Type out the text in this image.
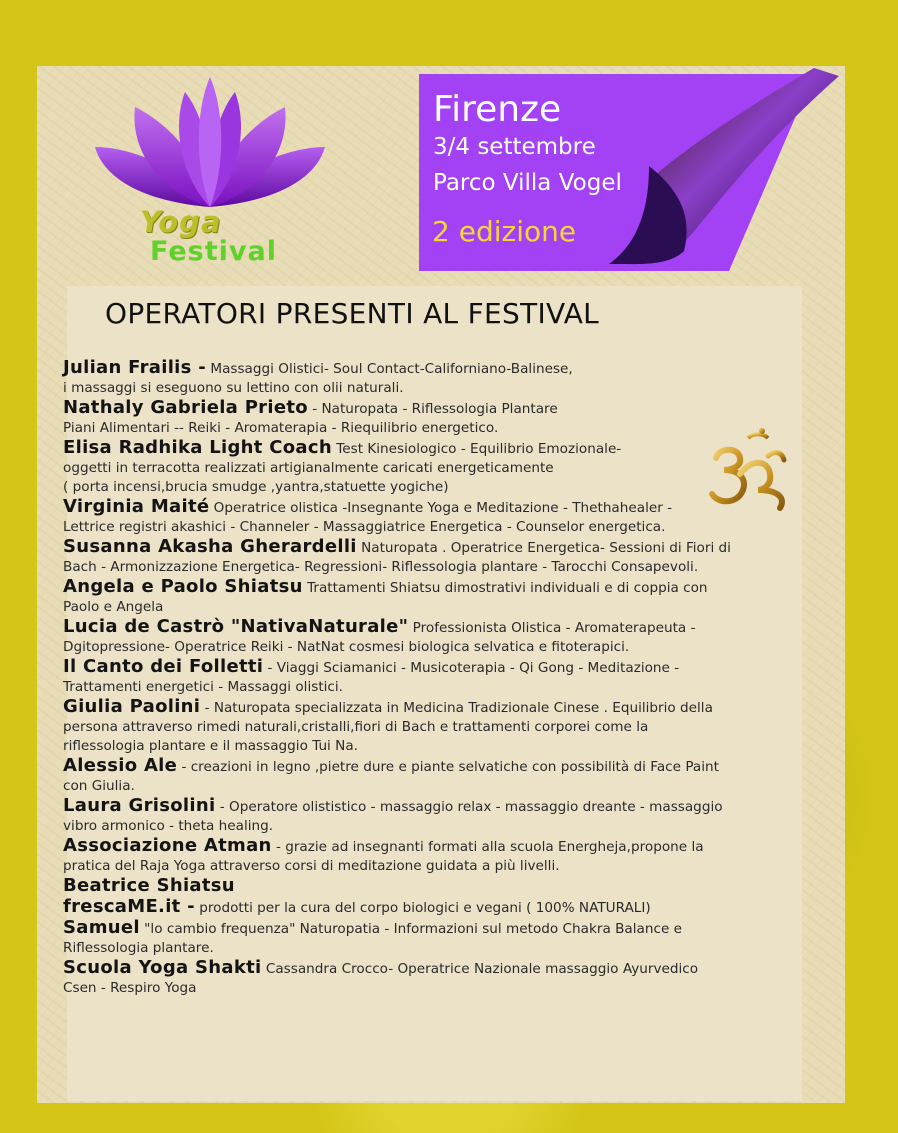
Yoga
Festival
Firenze
3/4 settembre
Parco Villa Vogel
2 edizione
OPERATORI PRESENTI AL FESTIVAL

Julian Frailis - Massaggi Olistici- Soul Contact-Californiano-Balinese,
i massaggi si eseguono su lettino con olii naturali.

Nathaly Gabriela Prieto - Naturopata - Riflessologia Plantare
Piani Alimentari -- Reiki - Aromaterapia - Riequilibrio energetico.

Elisa Radhika Light Coach Test Kinesiologico - Equilibrio Emozionale-
oggetti in terracotta realizzati artigianalmente caricati energeticamente
( porta incensi,brucia smudge ,yantra,statuette yogiche)

Virginia Maité Operatrice olistica -Insegnante Yoga e Meditazione - Thethahealer -
Lettrice registri akashici - Channeler - Massaggiatrice Energetica - Counselor energetica.

Susanna Akasha Gherardelli Naturopata . Operatrice Energetica- Sessioni di Fiori di
Bach - Armonizzazione Energetica- Regressioni- Riflessologia plantare - Tarocchi Consapevoli.

Angela e Paolo Shiatsu Trattamenti Shiatsu dimostrativi individuali e di coppia con
Paolo e Angela

Lucia de Castrò "NativaNaturale" Professionista Olistica - Aromaterapeuta -
Dgitopressione- Operatrice Reiki - NatNat cosmesi biologica selvatica e fitoterapici.

Il Canto dei Folletti - Viaggi Sciamanici - Musicoterapia - Qi Gong - Meditazione -
Trattamenti energetici - Massaggi olistici.

Giulia Paolini - Naturopata specializzata in Medicina Tradizionale Cinese . Equilibrio della
persona attraverso rimedi naturali,cristalli,fiori di Bach e trattamenti corporei come la
riflessologia plantare e il massaggio Tui Na.

Alessio Ale - creazioni in legno ,pietre dure e piante selvatiche con possibilità di Face Paint
con Giulia.

Laura Grisolini - Operatore olististico - massaggio relax - massaggio dreante - massaggio
vibro armonico - theta healing.

Associazione Atman - grazie ad insegnanti formati alla scuola Energheja,propone la
pratica del Raja Yoga attraverso corsi di meditazione guidata a più livelli.

Beatrice Shiatsu

frescaME.it - prodotti per la cura del corpo biologici e vegani ( 100% NATURALI)

Samuel "lo cambio frequenza" Naturopatia - Informazioni sul metodo Chakra Balance e
Riflessologia plantare.

Scuola Yoga Shakti Cassandra Crocco- Operatrice Nazionale massaggio Ayurvedico
Csen - Respiro Yoga
